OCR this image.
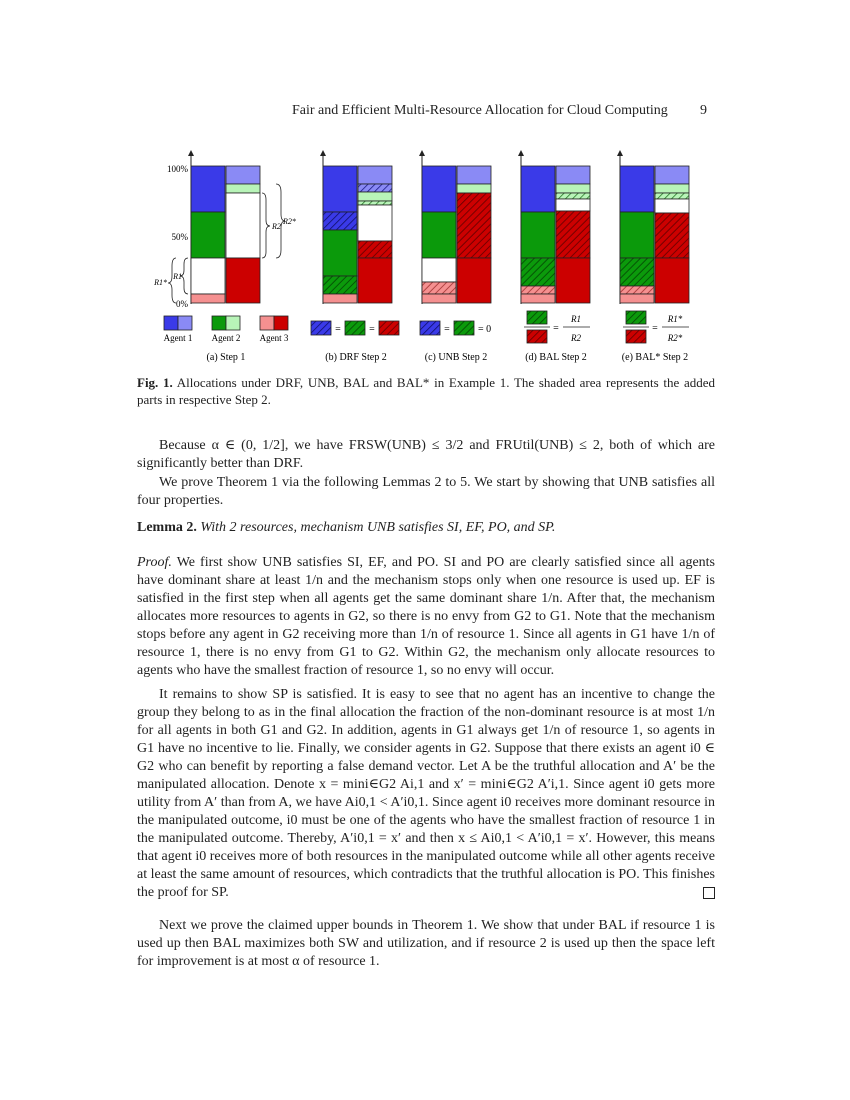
Fair and Efficient Multi-Resource Allocation for Cloud Computing 9
100%
50%
0%
R2
R2*
R1
R1*
Agent 1 Agent 2 Agent 3
=	=	=	= 0	=
R1
R2
=
R1*
R2*
(a) Step 1	(b) DRF Step 2	(c) UNB Step 2	(d) BAL Step 2	(e) BAL* Step 2
Fig. 1. Allocations under DRF, UNB, BAL and BAL* in Example 1. The shaded area represents the added parts in respective Step 2.

Because α ∈ (0, 1/2], we have FRSW(UNB) ≤ 3/2 and FRUtil(UNB) ≤ 2, both of which are significantly better than DRF.

We prove Theorem 1 via the following Lemmas 2 to 5. We start by showing that UNB satisfies all four properties.

Lemma 2. With 2 resources, mechanism UNB satisfies SI, EF, PO, and SP.

Proof. We first show UNB satisfies SI, EF, and PO. SI and PO are clearly satisfied since all agents have dominant share at least 1/n and the mechanism stops only when one resource is used up. EF is satisfied in the first step when all agents get the same dominant share 1/n. After that, the mechanism allocates more resources to agents in G2, so there is no envy from G2 to G1. Note that the mechanism stops before any agent in G2 receiving more than 1/n of resource 1. Since all agents in G1 have 1/n of resource 1, there is no envy from G1 to G2. Within G2, the mechanism only allocate resources to agents who have the smallest fraction of resource 1, so no envy will occur.

It remains to show SP is satisfied. It is easy to see that no agent has an incentive to change the group they belong to as in the final allocation the fraction of the non-dominant resource is at most 1/n for all agents in both G1 and G2. In addition, agents in G1 always get 1/n of resource 1, so agents in G1 have no incentive to lie. Finally, we consider agents in G2. Suppose that there exists an agent i0 ∈ G2 who can benefit by reporting a false demand vector. Let A be the truthful allocation and A′ be the manipulated allocation. Denote x = mini∈G2 Ai,1 and x′ = mini∈G2 A′i,1. Since agent i0 gets more utility from A′ than from A, we have Ai0,1 < A′i0,1. Since agent i0 receives more dominant resource in the manipulated outcome, i0 must be one of the agents who have the smallest fraction of resource 1 in the manipulated outcome. Thereby, A′i0,1 = x′ and then x ≤ Ai0,1 < A′i0,1 = x′. However, this means that agent i0 receives more of both resources in the manipulated outcome while all other agents receive at least the same amount of resources, which contradicts that the truthful allocation is PO. This finishes the proof for SP.

Next we prove the claimed upper bounds in Theorem 1. We show that under BAL if resource 1 is used up then BAL maximizes both SW and utilization, and if resource 2 is used up then the space left for improvement is at most α of resource 1.
